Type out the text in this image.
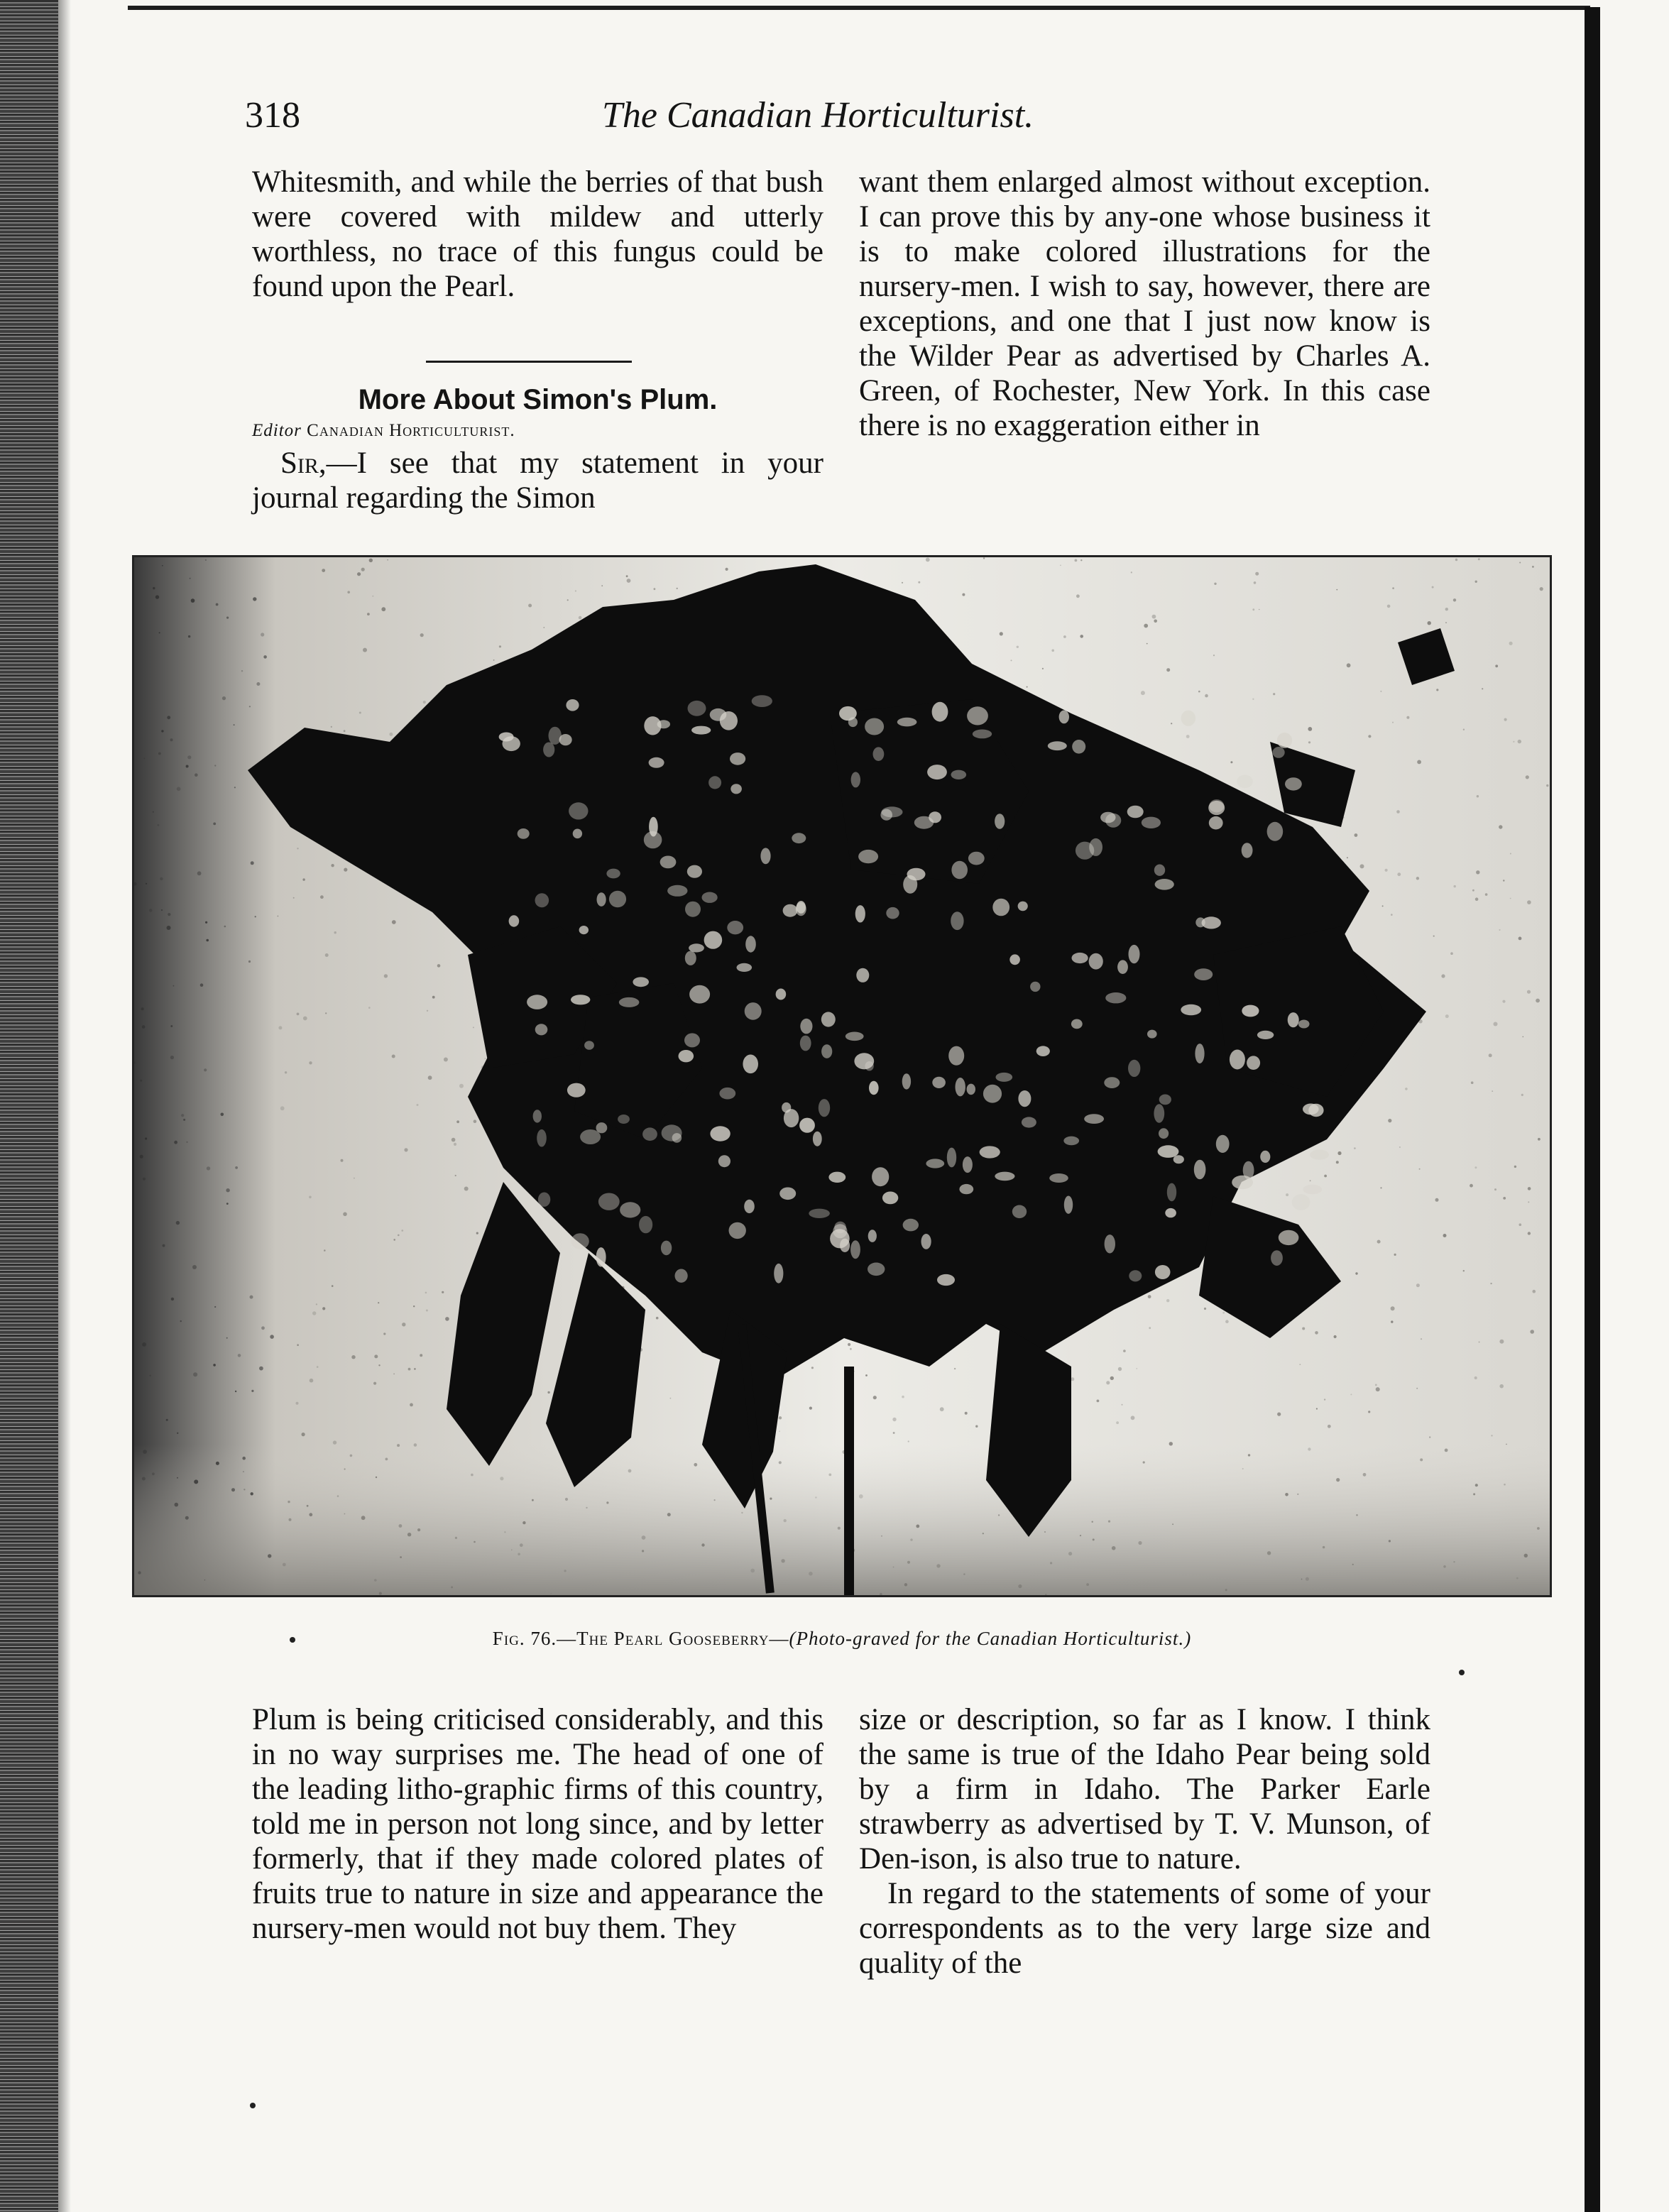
318	The Canadian Horticulturist.

Whitesmith, and while the berries of that bush were covered with mildew and utterly worthless, no trace of this fungus could be found upon the Pearl.

More About Simon's Plum.
Editor Canadian Horticulturist.

Sir,—I see that my statement in your journal regarding the Simon

want them enlarged almost without exception. I can prove this by any-one whose business it is to make colored illustrations for the nursery-men. I wish to say, however, there are exceptions, and one that I just now know is the Wilder Pear as advertised by Charles A. Green, of Rochester, New York. In this case there is no exaggeration either in

Fig. 76.—The Pearl Gooseberry—(Photo-graved for the Canadian Horticulturist.)

Plum is being criticised considerably, and this in no way surprises me. The head of one of the leading litho-graphic firms of this country, told me in person not long since, and by letter formerly, that if they made colored plates of fruits true to nature in size and appearance the nursery-men would not buy them. They

size or description, so far as I know. I think the same is true of the Idaho Pear being sold by a firm in Idaho. The Parker Earle strawberry as advertised by T. V. Munson, of Den-ison, is also true to nature.

In regard to the statements of some of your correspondents as to the very large size and quality of the
